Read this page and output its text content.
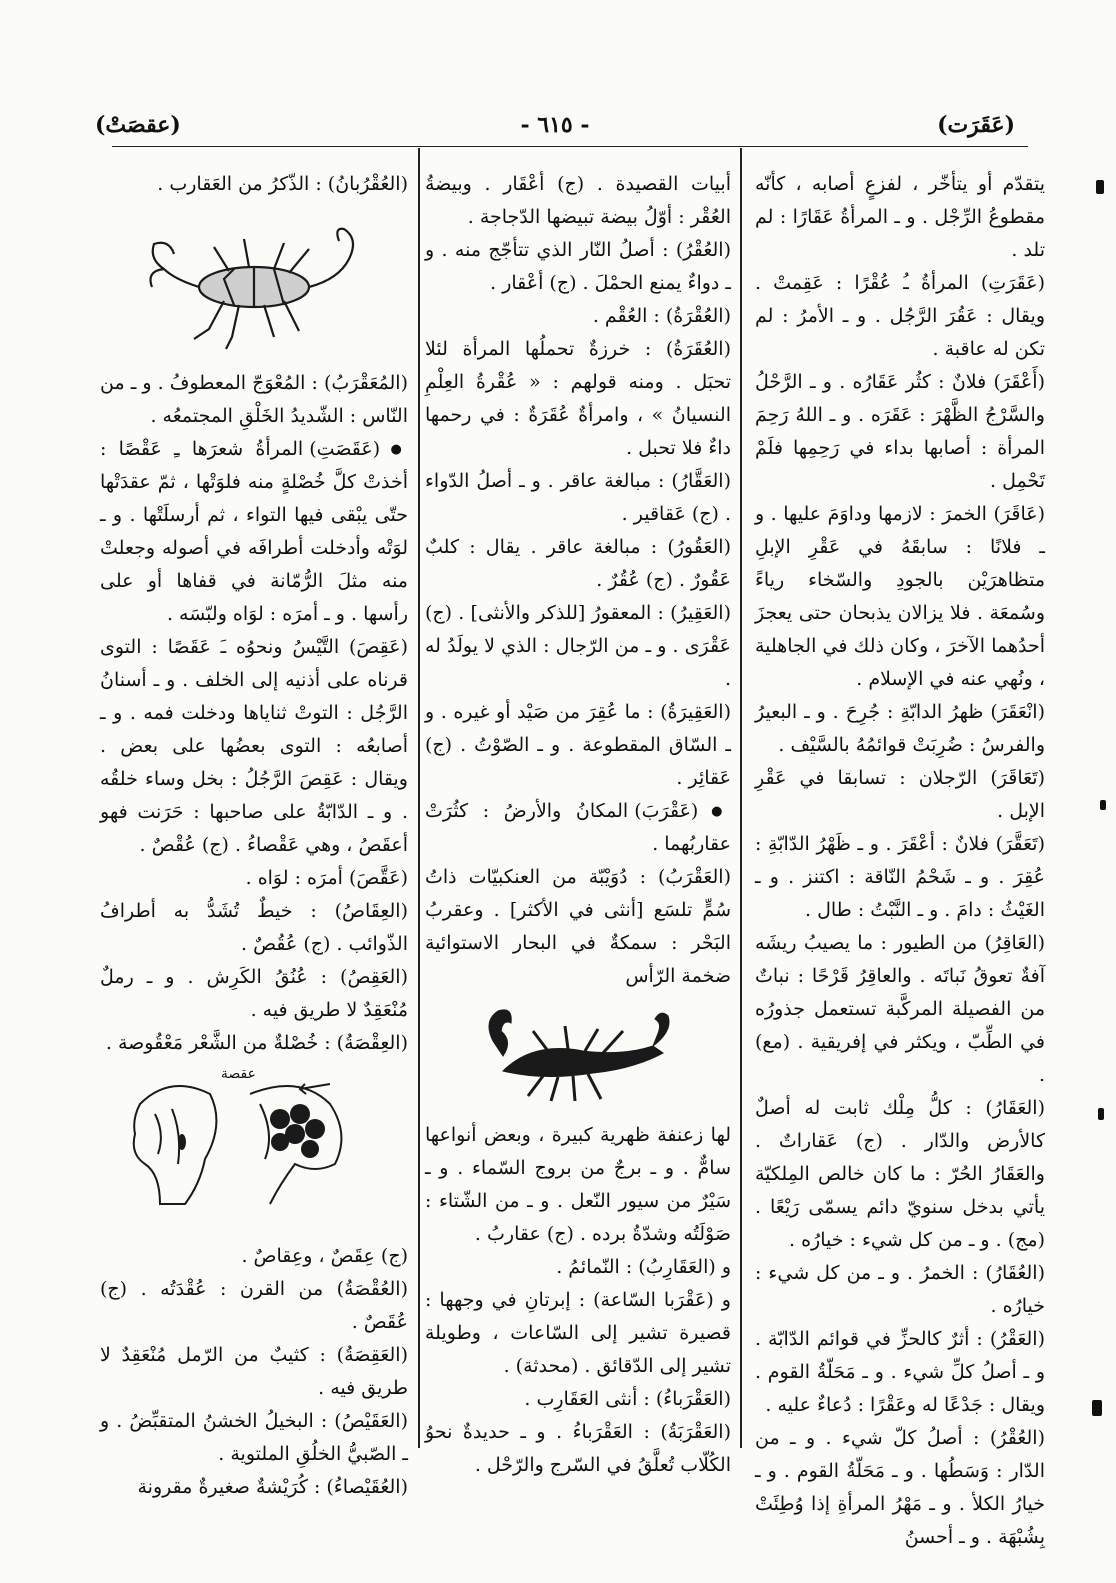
(عَقَرَت)
- ٦١٥ -
(عقصَتْ)

يتقدّم أو يتأخّر ، لفزعٍ أصابه ، كأنّه مقطوعُ الرِّجْل . و ـ المرأةُ عَقَارًا : لم تلد .

(عَقَرَتِ) المرأةُ ـُ عُقْرًا : عَقِمتْ . ويقال : عَقُرَ الرَّجُل . و ـ الأمرُ : لم تكن له عاقبة .

(أَعْقَرَ) فلانٌ : كثُر عَقَارُه . و ـ الرَّحْلُ والسَّرْجُ الظَّهْرَ : عَقَرَه . و ـ اللهُ رَحِمَ المرأة : أصابها بداء في رَحِمِها فلَمْ تَحْمِل .

(عَاقَرَ) الخمرَ : لازمها وداوَمَ عليها . و ـ فلانًا : سابقَهُ في عَقْرِ الإبلِ متظاهرَيْن بالجودِ والسّخاء رياءً وسُمعَة . فلا يزالان يذبحان حتى يعجزَ أحدُهما الآخرَ ، وكان ذلك في الجاهلية ، ونُهي عنه في الإسلام .

(انْعَقَرَ) ظهرُ الدابّةِ : جُرِحَ . و ـ البعيرُ والفرسُ : ضُرِبَتْ قوائمُهُ بالسَّيْف .

(تَعَاقَرَ) الرّجلان : تسابقا في عَقْرِ الإبل .

(تَعَقَّرَ) فلانٌ : أعْقَرَ . و ـ ظَهْرُ الدّابّةِ : عُقِرَ . و ـ شَحْمُ النّاقة : اكتنز . و ـ الغَيْثُ : دامَ . و ـ النَّبْتُ : طال .

(العَاقِرُ) من الطيور : ما يصيبُ ريشَه آفةٌ تعوقُ نَباتَه . والعاقِرُ قَرْحًا : نباتٌ من الفصيلة المركَّبة تستعمل جذورُه في الطِّبّ ، ويكثر في إفريقية . (مع) .

(العَقَارُ) : كلُّ مِلْك ثابت له أصلٌ كالأرض والدّار . (ج) عَقاراتٌ . والعَقَارُ الحُرّ : ما كان خالص المِلكيّة يأتي بدخل سنويّ دائم يسمّى رَيْعًا . (مج) . و ـ من كل شيء : خيارُه .

(العُقَارُ) : الخمرُ . و ـ من كل شيء : خيارُه .

(العَقْرُ) : أثرٌ كالحزِّ في قوائم الدّابّة . و ـ أصلُ كلِّ شيء . و ـ مَحَلّةُ القوم . ويقال : جَدْعًا له وعَقْرًا : دُعاءٌ عليه .

(العُقْرُ) : أصلُ كلّ شيء . و ـ من الدّار : وَسَطُها . و ـ مَحَلّةُ القوم . و ـ خيارُ الكلأ . و ـ مَهْرُ المرأةِ إذا وُطِئَتْ بِشُبْهَة . و ـ أحسنُ

أبيات القصيدة . (ج) أعْقَار . وبيضةُ العُقْر : أوّلُ بيضة تبيضها الدّجاجة .

(العُقْرُ) : أصلُ النّار الذي تتأجّج منه . و ـ دواءٌ يمنع الحمْلَ . (ج) أعْقار .

(العُقْرَةُ) : العُقْم .

(العُقَرَةُ) : خرزةٌ تحملُها المرأة لئلا تحبَل . ومنه قولهم : « عُقْرةُ العِلْمِ النسيانُ » ، وامرأةٌ عُقَرَةٌ : في رحمها داءٌ فلا تحبل .

(العَقَّارُ) : مبالغة عاقر . و ـ أصلُ الدّواء . (ج) عَقاقير .

(العَقُورُ) : مبالغة عاقر . يقال : كلبٌ عَقُورٌ . (ج) عُقُرٌ .

(العَقِيرُ) : المعقورُ [للذكر والأنثى] . (ج) عَقْرَى . و ـ من الرّجال : الذي لا يولَدُ له .

(العَقِيرَةُ) : ما عُقِرَ من صَيْد أو غيره . و ـ السّاق المقطوعة . و ـ الصّوْتُ . (ج) عَقائِر .

● (عَقْرَبَ) المكانُ والأرضُ : كثُرَتْ عقاربُهما .

(العَقْرَبُ) : دُوَيْبّة من العنكبيّات ذاتُ سُمٍّ تلسَع [أنثى في الأكثر] . وعقربُ البَحْر : سمكةٌ في البحار الاستوائية ضخمة الرّأس

لها زعنفة ظهرية كبيرة ، وبعض أنواعها سامٌّ . و ـ برجٌ من بروج السّماء . و ـ سَيْرٌ من سيور النّعل . و ـ من الشّتاء : صَوْلَتُه وشدّةُ برده . (ج) عقاربُ .

و (العَقَارِبُ) : النّمائمُ .

و (عَقْرَبا السّاعة) : إبرتانِ في وجهها : قصيرة تشير إلى السّاعات ، وطويلة تشير إلى الدّقائق . (محدثة) .

(العَقْرَباءُ) : أنثى العَقَارِب .

(العَقْرَبَةُ) : العَقْرَباءُ . و ـ حديدةٌ نحوُ الكُلّاب تُعلَّقُ في السّرج والرّحْل .

(العُقْرُبانُ) : الذّكرُ من العَقارب .

(المُعَقْرَبُ) : المُعْوَجّ المعطوفُ . و ـ من النّاس : الشّديدُ الخَلْقِ المجتمعُه .

● (عَقَصَتِ) المرأةُ شعرَها ـِ عَقْصًا : أخذتْ كلَّ خُصْلةٍ منه فلوَتْها ، ثمّ عقدَتْها حتّى يبْقى فيها التواء ، ثم أرسلَتْها . و ـ لوَتْه وأدخلت أطرافَه في أصوله وجعلتْ منه مثلَ الرُّمّانة في قفاها أو على رأسها . و ـ أمرَه : لوَاه ولبّسَه .

(عَقِصَ) التَّيْسُ ونحوُه ـَ عَقَصًا : التوى قرناه على أذنيه إلى الخلف . و ـ أسنانُ الرَّجُل : التوتْ ثناياها ودخلت فمه . و ـ أصابعُه : التوى بعضُها على بعض . ويقال : عَقِصَ الرَّجُلُ : بخل وساء خلقُه . و ـ الدّابّةُ على صاحبها : حَرَنت فهو أعقَصُ ، وهي عَقْصاءُ . (ج) عُقْصٌ .

(عَقَّصَ) أمرَه : لوَاه .

(العِقَاصُ) : خيطٌ تُشَدُّ به أطرافُ الذّوائب . (ج) عُقُصٌ .

(العَقِصُ) : عُنُقُ الكَرِش . و ـ رملٌ مُنْعَقِدٌ لا طريق فيه .

(العِقْصَةُ) : خُصْلةٌ من الشَّعْر مَعْقُوصة .

عقصة

(ج) عِقَصٌ ، وعِقاصٌ .

(العُقْصَةُ) من القرن : عُقْدَتُه . (ج) عُقَصٌ .

(العَقِصَةُ) : كثيبٌ من الرّمل مُنْعَقِدٌ لا طريق فيه .

(العَقَيْصُ) : البخيلُ الخشنُ المتقبِّضُ . و ـ الصّبيُّ الخلُقِ الملتوية .

(العُقَيْصاءُ) : كُرَيْشةٌ صغيرةٌ مقرونة
